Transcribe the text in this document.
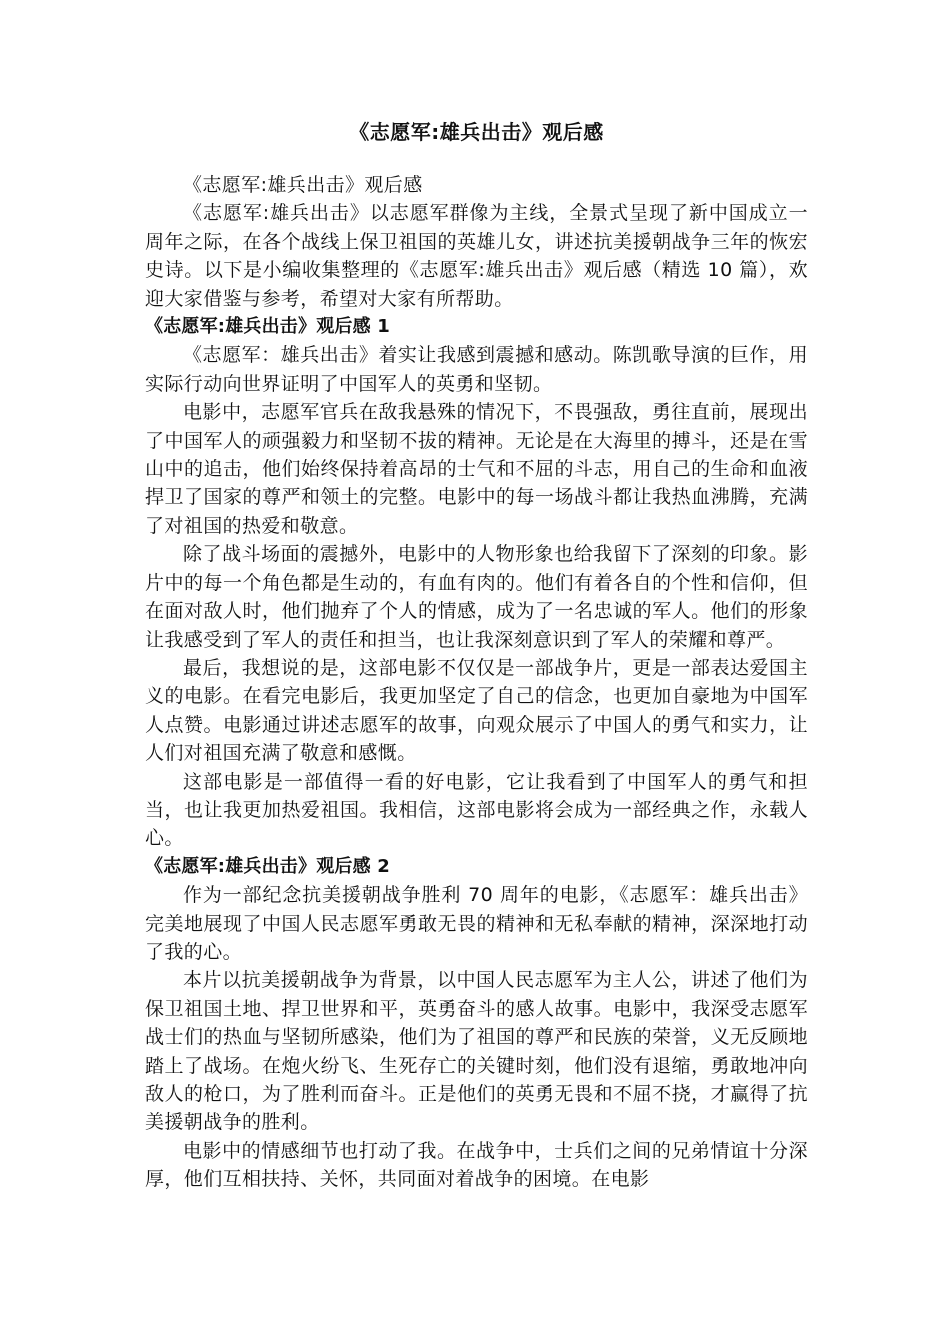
《志愿军:雄兵出击》观后感

《志愿军:雄兵出击》观后感

《志愿军:雄兵出击》以志愿军群像为主线，全景式呈现了新中国成立一周年之际，在各个战线上保卫祖国的英雄儿女，讲述抗美援朝战争三年的恢宏史诗。以下是小编收集整理的《志愿军:雄兵出击》观后感（精选 10 篇），欢迎大家借鉴与参考，希望对大家有所帮助。

《志愿军:雄兵出击》观后感 1

《志愿军：雄兵出击》着实让我感到震撼和感动。陈凯歌导演的巨作，用实际行动向世界证明了中国军人的英勇和坚韧。

电影中，志愿军官兵在敌我悬殊的情况下，不畏强敌，勇往直前，展现出了中国军人的顽强毅力和坚韧不拔的精神。无论是在大海里的搏斗，还是在雪山中的追击，他们始终保持着高昂的士气和不屈的斗志，用自己的生命和血液捍卫了国家的尊严和领土的完整。电影中的每一场战斗都让我热血沸腾，充满了对祖国的热爱和敬意。

除了战斗场面的震撼外，电影中的人物形象也给我留下了深刻的印象。影片中的每一个角色都是生动的，有血有肉的。他们有着各自的个性和信仰，但在面对敌人时，他们抛弃了个人的情感，成为了一名忠诚的军人。他们的形象让我感受到了军人的责任和担当，也让我深刻意识到了军人的荣耀和尊严。

最后，我想说的是，这部电影不仅仅是一部战争片，更是一部表达爱国主义的电影。在看完电影后，我更加坚定了自己的信念，也更加自豪地为中国军人点赞。电影通过讲述志愿军的故事，向观众展示了中国人的勇气和实力，让人们对祖国充满了敬意和感慨。

这部电影是一部值得一看的好电影，它让我看到了中国军人的勇气和担当，也让我更加热爱祖国。我相信，这部电影将会成为一部经典之作，永载人心。

《志愿军:雄兵出击》观后感 2

作为一部纪念抗美援朝战争胜利 70 周年的电影，《志愿军：雄兵出击》完美地展现了中国人民志愿军勇敢无畏的精神和无私奉献的精神，深深地打动了我的心。

本片以抗美援朝战争为背景，以中国人民志愿军为主人公，讲述了他们为保卫祖国土地、捍卫世界和平，英勇奋斗的感人故事。电影中，我深受志愿军战士们的热血与坚韧所感染，他们为了祖国的尊严和民族的荣誉，义无反顾地踏上了战场。在炮火纷飞、生死存亡的关键时刻，他们没有退缩，勇敢地冲向敌人的枪口，为了胜利而奋斗。正是他们的英勇无畏和不屈不挠，才赢得了抗美援朝战争的胜利。

电影中的情感细节也打动了我。在战争中，士兵们之间的兄弟情谊十分深厚，他们互相扶持、关怀，共同面对着战争的困境。在电影
